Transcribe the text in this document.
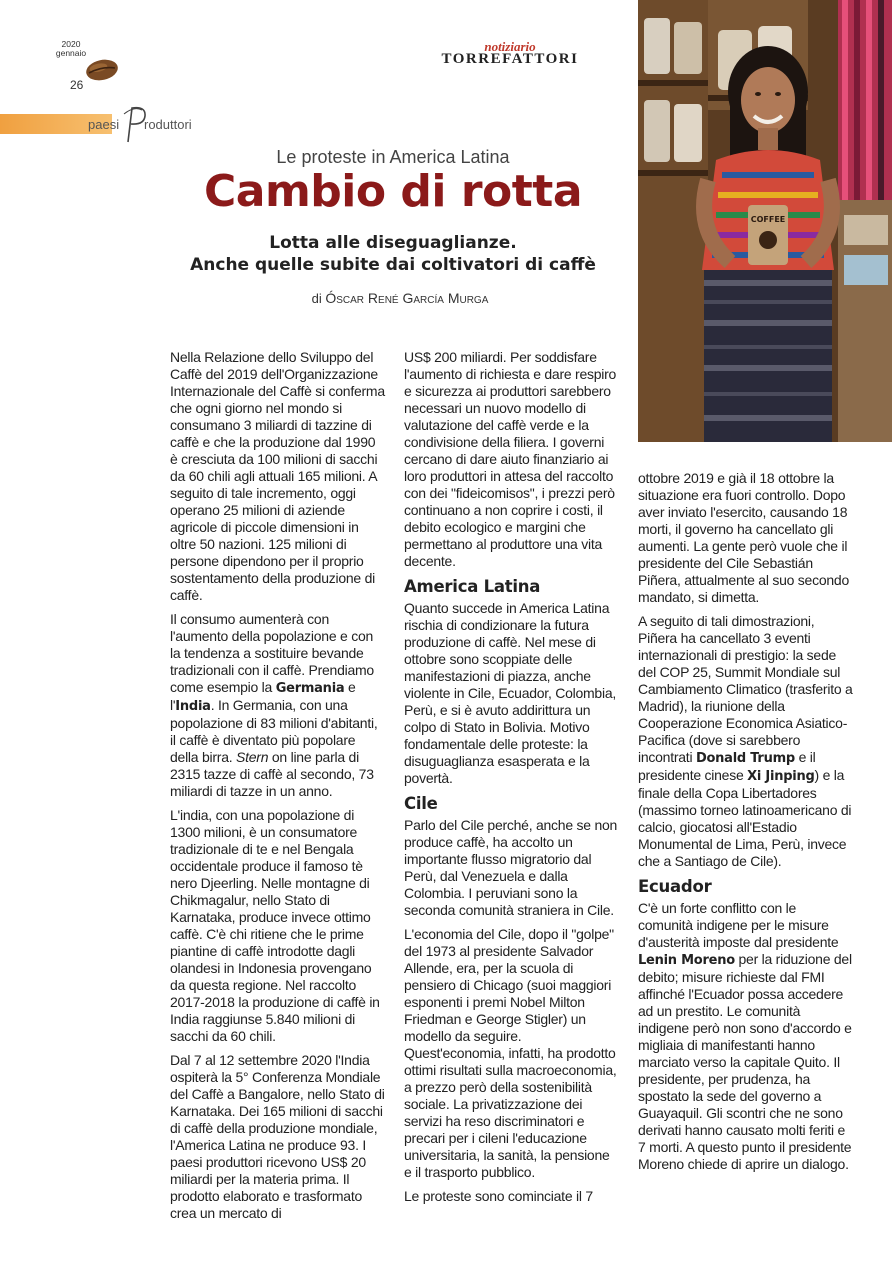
2020
gennaio
26
notiziario
TORREFATTORI
paesi roduttori
Le proteste in America Latina
Cambio di rotta
Lotta alle diseguaglianze.
Anche quelle subite dai coltivatori di caffè
di Óscar René García Murga
COFFEE

Nella Relazione dello Sviluppo del Caffè del 2019 dell'Organizzazione Internazionale del Caffè si conferma che ogni giorno nel mondo si consumano 3 miliardi di tazzine di caffè e che la produzione dal 1990 è cresciuta da 100 milioni di sacchi da 60 chili agli attuali 165 milioni. A seguito di tale incremento, oggi operano 25 milioni di aziende agricole di piccole dimensioni in oltre 50 nazioni. 125 milioni di persone dipendono per il proprio sostentamento della produzione di caffè.

Il consumo aumenterà con l'aumento della popolazione e con la tendenza a sostituire bevande tradizionali con il caffè. Prendiamo come esempio la Germania e l'India. In Germania, con una popolazione di 83 milioni d'abitanti, il caffè è diventato più popolare della birra. Stern on line parla di 2315 tazze di caffè al secondo, 73 miliardi di tazze in un anno.

L'india, con una popolazione di 1300 milioni, è un consumatore tradizionale di te e nel Bengala occidentale produce il famoso tè nero Djeerling. Nelle montagne di Chikmagalur, nello Stato di Karnataka, produce invece ottimo caffè. C'è chi ritiene che le prime piantine di caffè introdotte dagli olandesi in Indonesia provengano da questa regione. Nel raccolto 2017-2018 la produzione di caffè in India raggiunse 5.840 milioni di sacchi da 60 chili.

Dal 7 al 12 settembre 2020 l'India ospiterà la 5° Conferenza Mondiale del Caffè a Bangalore, nello Stato di Karnataka. Dei 165 milioni di sacchi di caffè della produzione mondiale, l'America Latina ne produce 93. I paesi produttori ricevono US$ 20 miliardi per la materia prima. Il prodotto elaborato e trasformato crea un mercato di

US$ 200 miliardi. Per soddisfare l'aumento di richiesta e dare respiro e sicurezza ai produttori sarebbero necessari un nuovo modello di valutazione del caffè verde e la condivisione della filiera. I governi cercano di dare aiuto finanziario ai loro produttori in attesa del raccolto con dei "fideicomisos", i prezzi però continuano a non coprire i costi, il debito ecologico e margini che permettano al produttore una vita decente.

America Latina

Quanto succede in America Latina rischia di condizionare la futura produzione di caffè. Nel mese di ottobre sono scoppiate delle manifestazioni di piazza, anche violente in Cile, Ecuador, Colombia, Perù, e si è avuto addirittura un colpo di Stato in Bolivia. Motivo fondamentale delle proteste: la disuguaglianza esasperata e la povertà.

Cile

Parlo del Cile perché, anche se non produce caffè, ha accolto un importante flusso migratorio dal Perù, dal Venezuela e dalla Colombia. I peruviani sono la seconda comunità straniera in Cile.

L'economia del Cile, dopo il "golpe" del 1973 al presidente Salvador Allende, era, per la scuola di pensiero di Chicago (suoi maggiori esponenti i premi Nobel Milton Friedman e George Stigler) un modello da seguire. Quest'economia, infatti, ha prodotto ottimi risultati sulla macroeconomia, a prezzo però della sostenibilità sociale. La privatizzazione dei servizi ha reso discriminatori e precari per i cileni l'educazione universitaria, la sanità, la pensione e il trasporto pubblico.

Le proteste sono cominciate il 7

ottobre 2019 e già il 18 ottobre la situazione era fuori controllo. Dopo aver inviato l'esercito, causando 18 morti, il governo ha cancellato gli aumenti. La gente però vuole che il presidente del Cile Sebastián Piñera, attualmente al suo secondo mandato, si dimetta.

A seguito di tali dimostrazioni, Piñera ha cancellato 3 eventi internazionali di prestigio: la sede del COP 25, Summit Mondiale sul Cambiamento Climatico (trasferito a Madrid), la riunione della Cooperazione Economica Asiatico-Pacifica (dove si sarebbero incontrati Donald Trump e il presidente cinese Xi Jinping) e la finale della Copa Libertadores (massimo torneo latinoamericano di calcio, giocatosi all'Estadio Monumental de Lima, Perù, invece che a Santiago de Cile).

Ecuador

C'è un forte conflitto con le comunità indigene per le misure d'austerità imposte dal presidente Lenin Moreno per la riduzione del debito; misure richieste dal FMI affinché l'Ecuador possa accedere ad un prestito. Le comunità indigene però non sono d'accordo e migliaia di manifestanti hanno marciato verso la capitale Quito. Il presidente, per prudenza, ha spostato la sede del governo a Guayaquil. Gli scontri che ne sono derivati hanno causato molti feriti e 7 morti. A questo punto il presidente Moreno chiede di aprire un dialogo.
